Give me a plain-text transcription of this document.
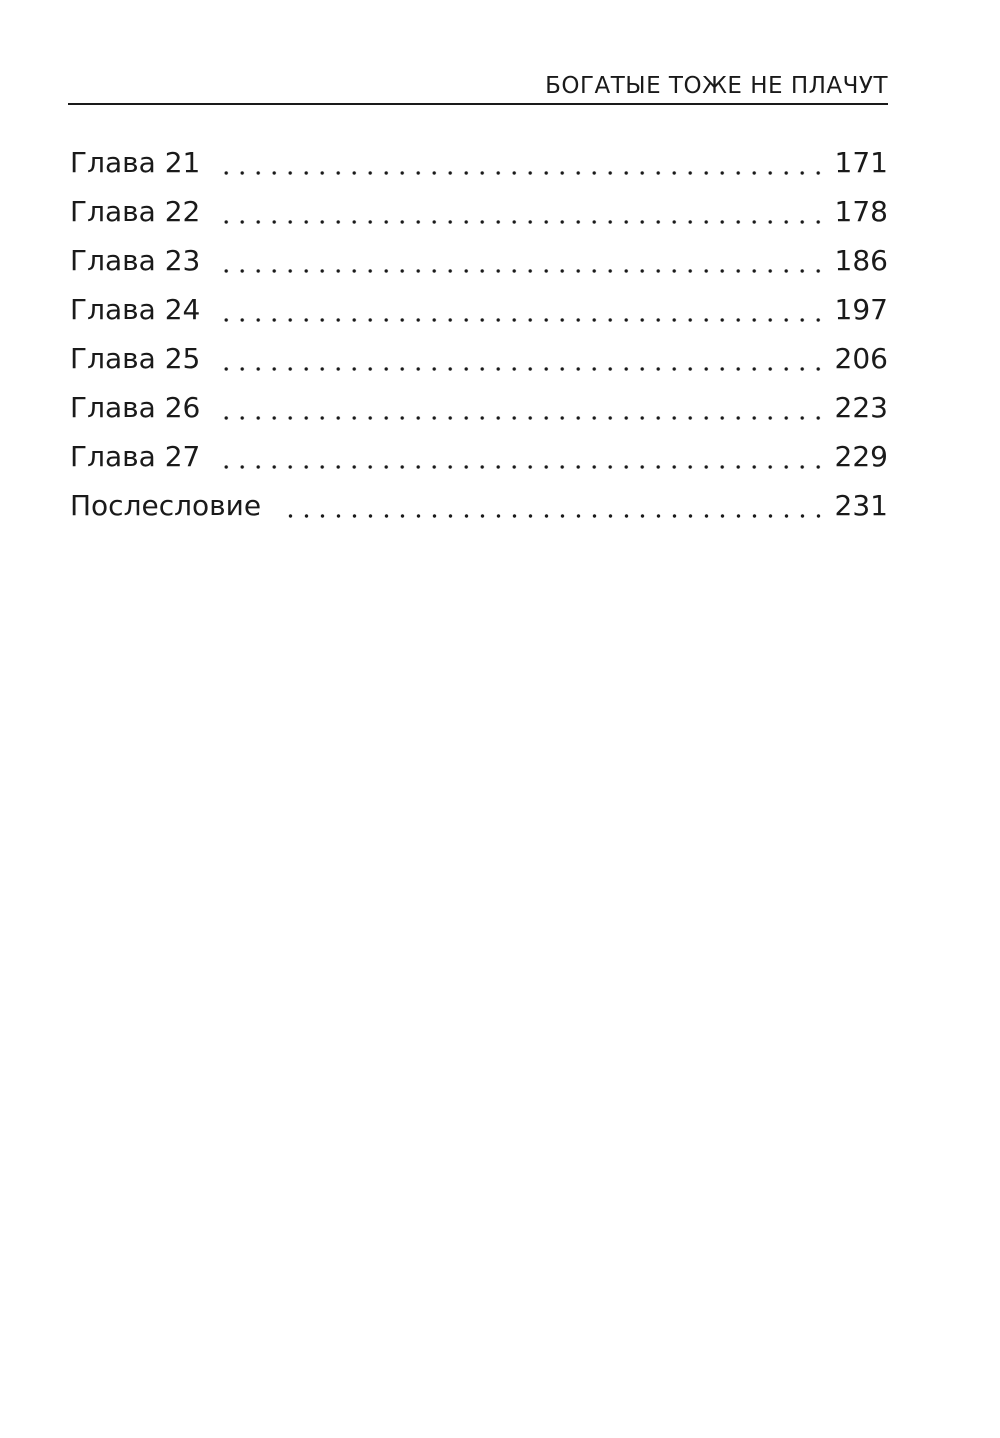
БОГАТЫЕ ТОЖЕ НЕ ПЛАЧУТ
Глава 21	171
Глава 22	178
Глава 23	186
Глава 24	197
Глава 25	206
Глава 26	223
Глава 27	229
Послесловие	231
